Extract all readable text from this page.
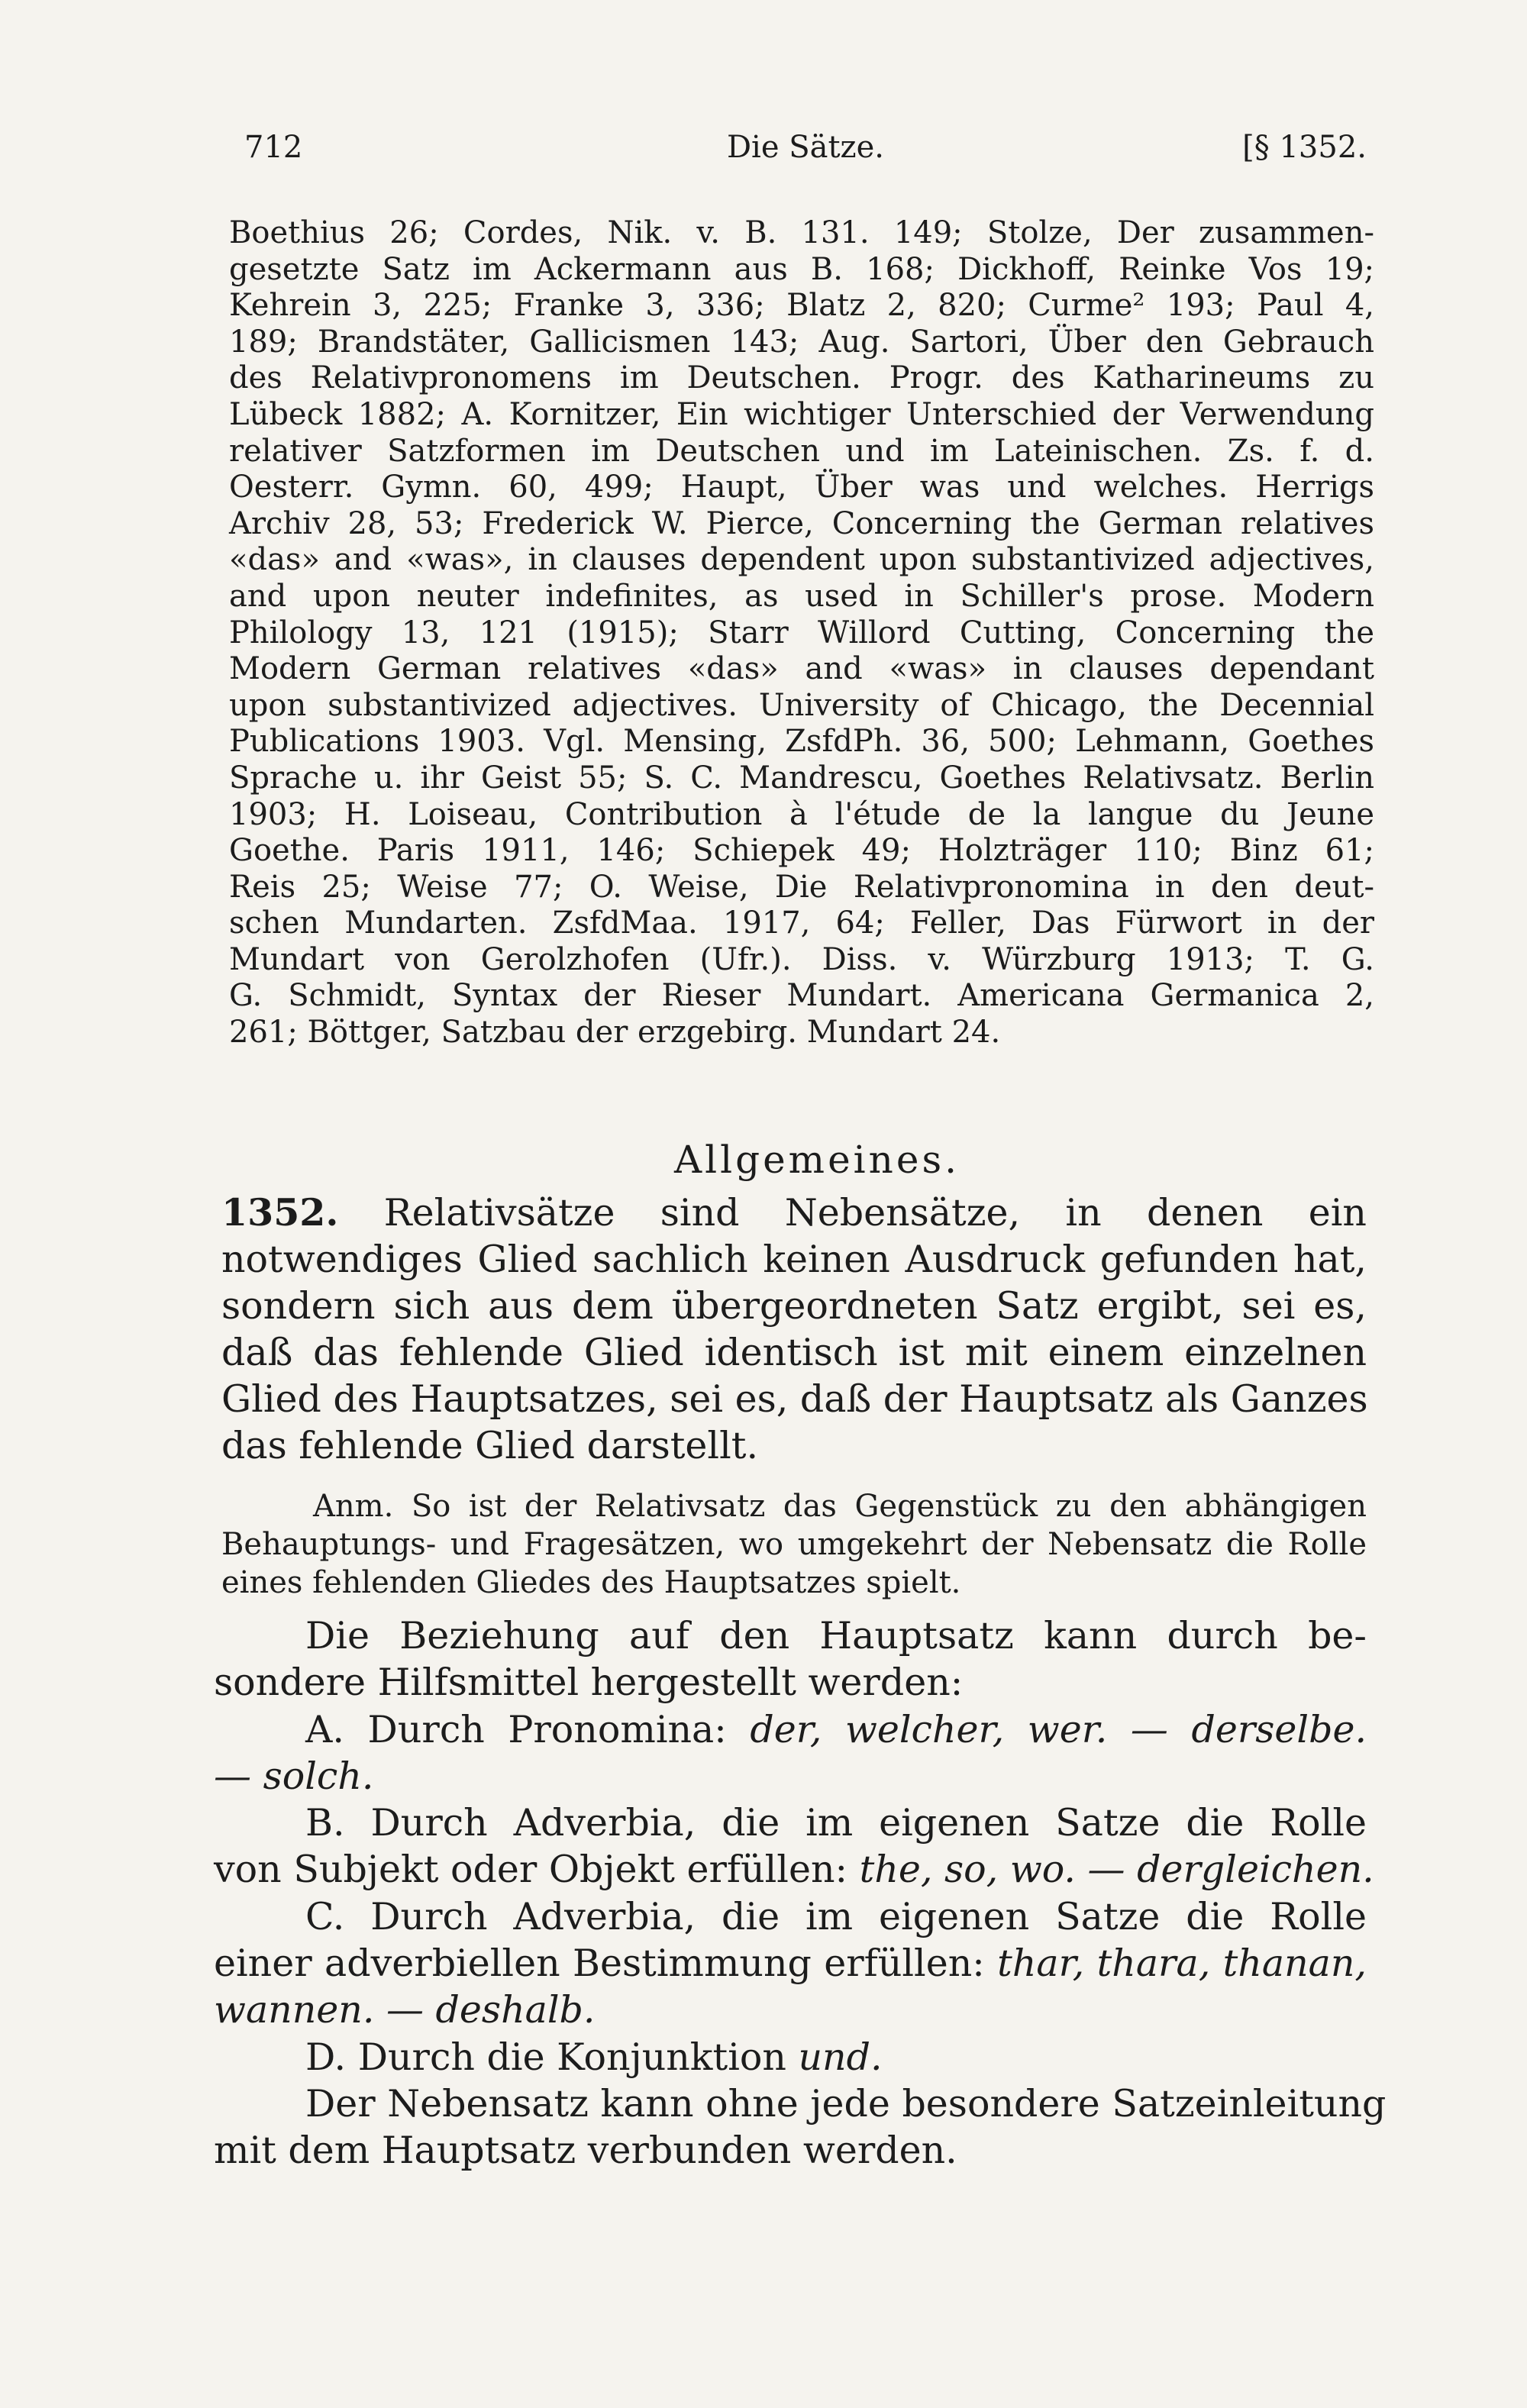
712	Die Sätze.	[§ 1352.
Boethius 26; Cordes, Nik. v. B. 131. 149; Stolze, Der zusammen-
gesetzte Satz im Ackermann aus B. 168; Dickhoff, Reinke Vos 19;
Kehrein 3, 225; Franke 3, 336; Blatz 2, 820; Curme² 193; Paul 4,
189; Brandstäter, Gallicismen 143; Aug. Sartori, Über den Gebrauch
des Relativpronomens im Deutschen. Progr. des Katharineums zu
Lübeck 1882; A. Kornitzer, Ein wichtiger Unterschied der Verwendung
relativer Satzformen im Deutschen und im Lateinischen. Zs. f. d.
Oesterr. Gymn. 60, 499; Haupt, Über was und welches. Herrigs
Archiv 28, 53; Frederick W. Pierce, Concerning the German relatives
«das» and «was», in clauses dependent upon substantivized adjectives,
and upon neuter indefinites, as used in Schiller's prose. Modern
Philology 13, 121 (1915); Starr Willord Cutting, Concerning the
Modern German relatives «das» and «was» in clauses dependant
upon substantivized adjectives. University of Chicago, the Decennial
Publications 1903. Vgl. Mensing, ZsfdPh. 36, 500; Lehmann, Goethes
Sprache u. ihr Geist 55; S. C. Mandrescu, Goethes Relativsatz. Berlin
1903; H. Loiseau, Contribution à l'étude de la langue du Jeune
Goethe. Paris 1911, 146; Schiepek 49; Holzträger 110; Binz 61;
Reis 25; Weise 77; O. Weise, Die Relativpronomina in den deut-
schen Mundarten. ZsfdMaa. 1917, 64; Feller, Das Fürwort in der
Mundart von Gerolzhofen (Ufr.). Diss. v. Würzburg 1913; T. G.
G. Schmidt, Syntax der Rieser Mundart. Americana Germanica 2,
261; Böttger, Satzbau der erzgebirg. Mundart 24.
Allgemeines.
1352. Relativsätze sind Nebensätze, in denen ein
notwendiges Glied sachlich keinen Ausdruck gefunden hat,
sondern sich aus dem übergeordneten Satz ergibt, sei es,
daß das fehlende Glied identisch ist mit einem einzelnen
Glied des Hauptsatzes, sei es, daß der Hauptsatz als Ganzes
das fehlende Glied darstellt.
Anm. So ist der Relativsatz das Gegenstück zu den abhängigen
Behauptungs- und Fragesätzen, wo umgekehrt der Nebensatz die Rolle
eines fehlenden Gliedes des Hauptsatzes spielt.
Die Beziehung auf den Hauptsatz kann durch be-
sondere Hilfsmittel hergestellt werden:
A. Durch Pronomina: der, welcher, wer. — derselbe.
— solch.
B. Durch Adverbia, die im eigenen Satze die Rolle
von Subjekt oder Objekt erfüllen: the, so, wo. — dergleichen.
C. Durch Adverbia, die im eigenen Satze die Rolle
einer adverbiellen Bestimmung erfüllen: thar, thara, thanan,
wannen. — deshalb.
D. Durch die Konjunktion und.
Der Nebensatz kann ohne jede besondere Satzeinleitung
mit dem Hauptsatz verbunden werden.
